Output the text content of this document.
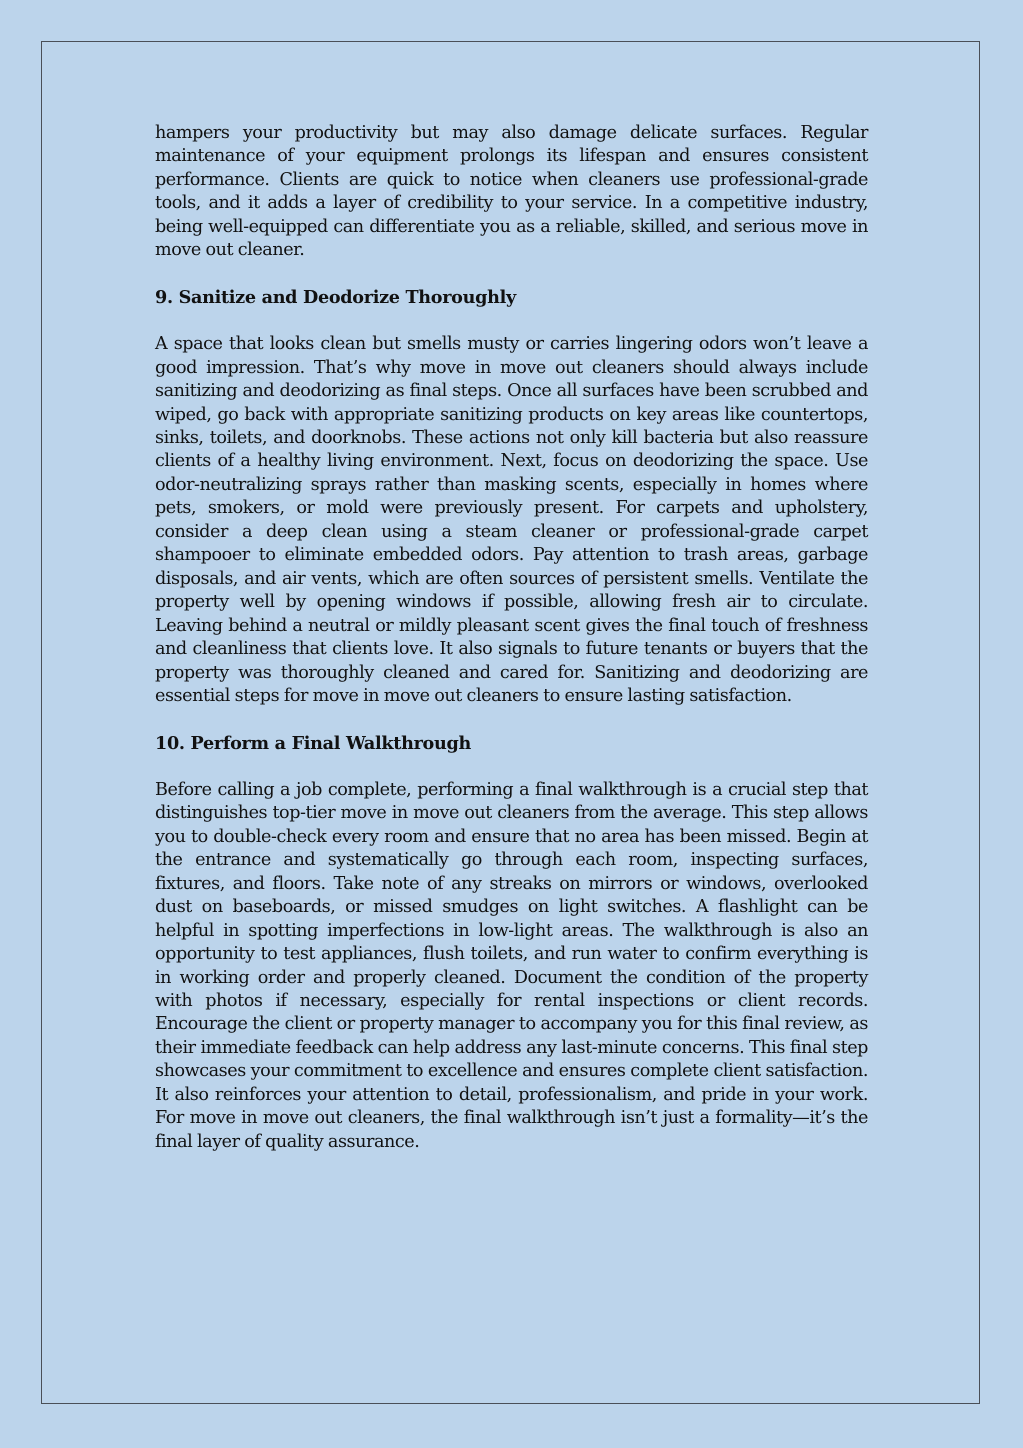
hampers your productivity but may also damage delicate surfaces. Regular maintenance of your equipment prolongs its lifespan and ensures consistent performance. Clients are quick to notice when cleaners use professional-grade tools, and it adds a layer of credibility to your service. In a competitive industry, being well-equipped can differentiate you as a reliable, skilled, and serious move in move out cleaner.

9. Sanitize and Deodorize Thoroughly

A space that looks clean but smells musty or carries lingering odors won’t leave a good impression. That’s why move in move out cleaners should always include sanitizing and deodorizing as final steps. Once all surfaces have been scrubbed and wiped, go back with appropriate sanitizing products on key areas like countertops, sinks, toilets, and doorknobs. These actions not only kill bacteria but also reassure clients of a healthy living environment. Next, focus on deodorizing the space. Use odor-neutralizing sprays rather than masking scents, especially in homes where pets, smokers, or mold were previously present. For carpets and upholstery, consider a deep clean using a steam cleaner or professional-grade carpet shampooer to eliminate embedded odors. Pay attention to trash areas, garbage disposals, and air vents, which are often sources of persistent smells. Ventilate the property well by opening windows if possible, allowing fresh air to circulate. Leaving behind a neutral or mildly pleasant scent gives the final touch of freshness and cleanliness that clients love. It also signals to future tenants or buyers that the property was thoroughly cleaned and cared for. Sanitizing and deodorizing are essential steps for move in move out cleaners to ensure lasting satisfaction.

10. Perform a Final Walkthrough

Before calling a job complete, performing a final walkthrough is a crucial step that distinguishes top-tier move in move out cleaners from the average. This step allows you to double-check every room and ensure that no area has been missed. Begin at the entrance and systematically go through each room, inspecting surfaces, fixtures, and floors. Take note of any streaks on mirrors or windows, overlooked dust on baseboards, or missed smudges on light switches. A flashlight can be helpful in spotting imperfections in low-light areas. The walkthrough is also an opportunity to test appliances, flush toilets, and run water to confirm everything is in working order and properly cleaned. Document the condition of the property with photos if necessary, especially for rental inspections or client records. Encourage the client or property manager to accompany you for this final review, as their immediate feedback can help address any last-minute concerns. This final step showcases your commitment to excellence and ensures complete client satisfaction. It also reinforces your attention to detail, professionalism, and pride in your work. For move in move out cleaners, the final walkthrough isn’t just a formality—it’s the final layer of quality assurance.
